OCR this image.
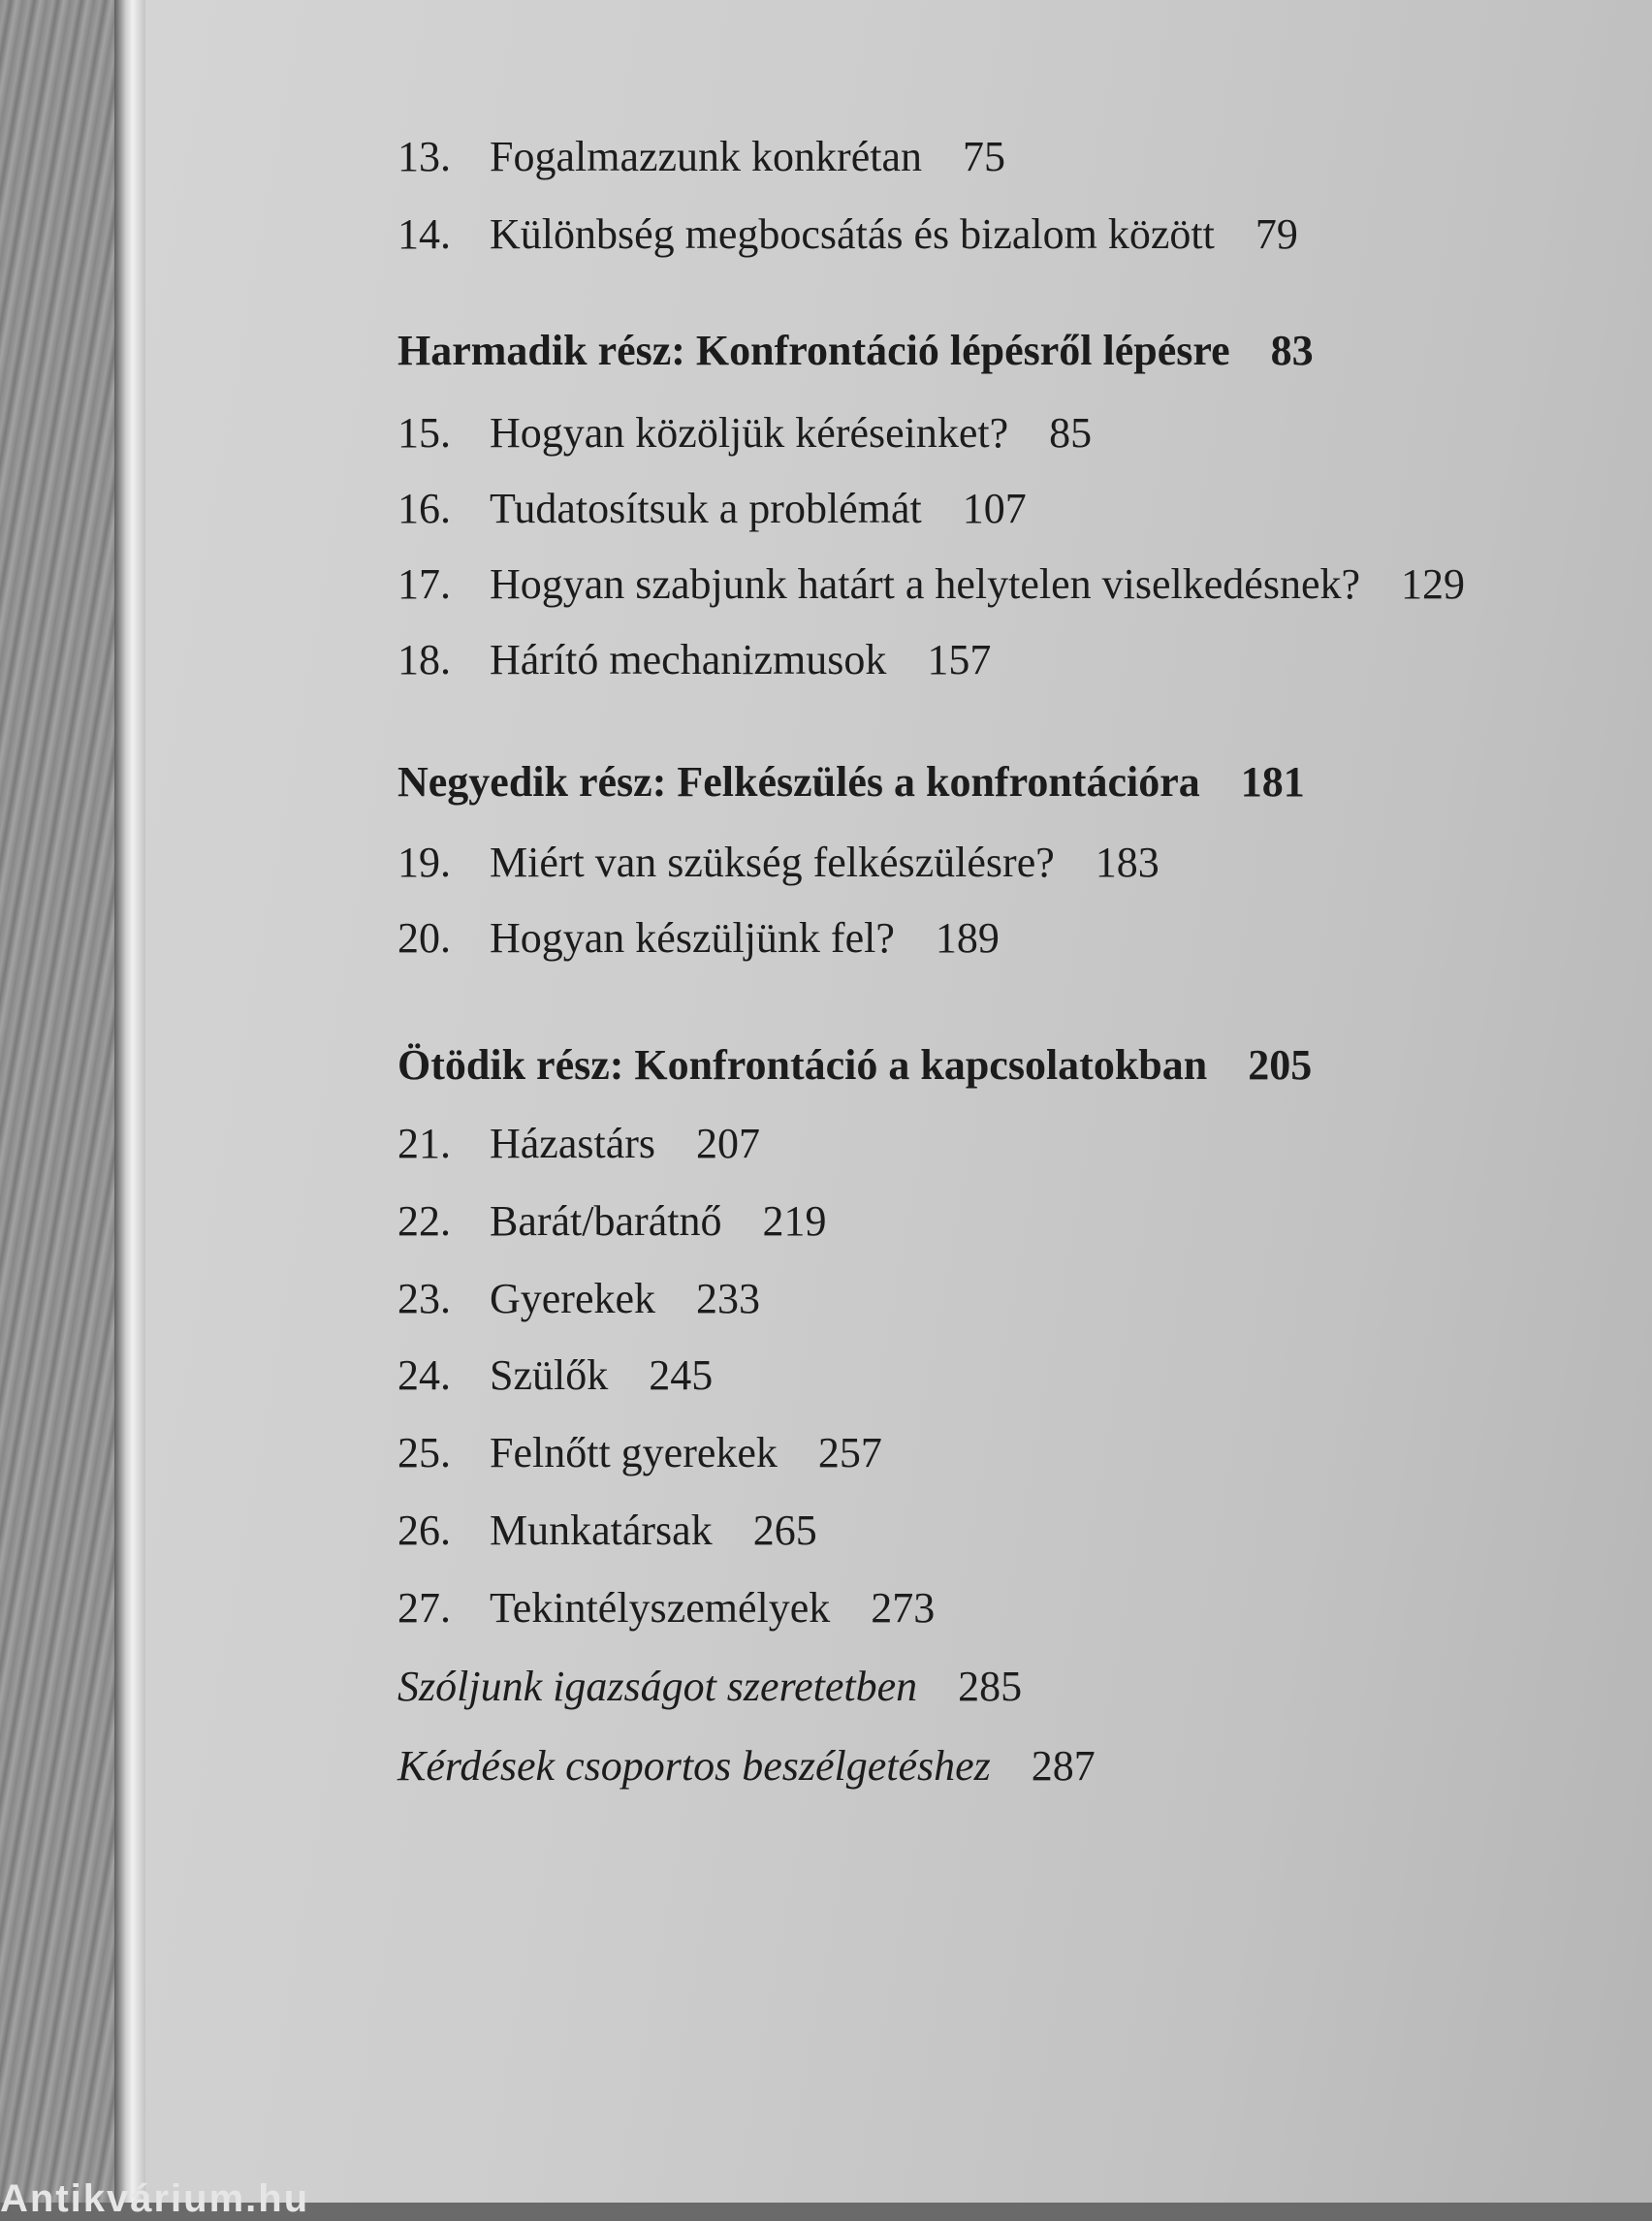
13. Fogalmazzunk konkrétan 75
14. Különbség megbocsátás és bizalom között 79
Harmadik rész: Konfrontáció lépésről lépésre 83
15. Hogyan közöljük kéréseinket? 85
16. Tudatosítsuk a problémát 107
17. Hogyan szabjunk határt a helytelen viselkedésnek? 129
18. Hárító mechanizmusok 157
Negyedik rész: Felkészülés a konfrontációra 181
19. Miért van szükség felkészülésre? 183
20. Hogyan készüljünk fel? 189
Ötödik rész: Konfrontáció a kapcsolatokban 205
21. Házastárs 207
22. Barát/barátnő 219
23. Gyerekek 233
24. Szülők 245
25. Felnőtt gyerekek 257
26. Munkatársak 265
27. Tekintélyszemélyek 273
Szóljunk igazságot szeretetben 285
Kérdések csoportos beszélgetéshez 287
Antikvárium.hu
